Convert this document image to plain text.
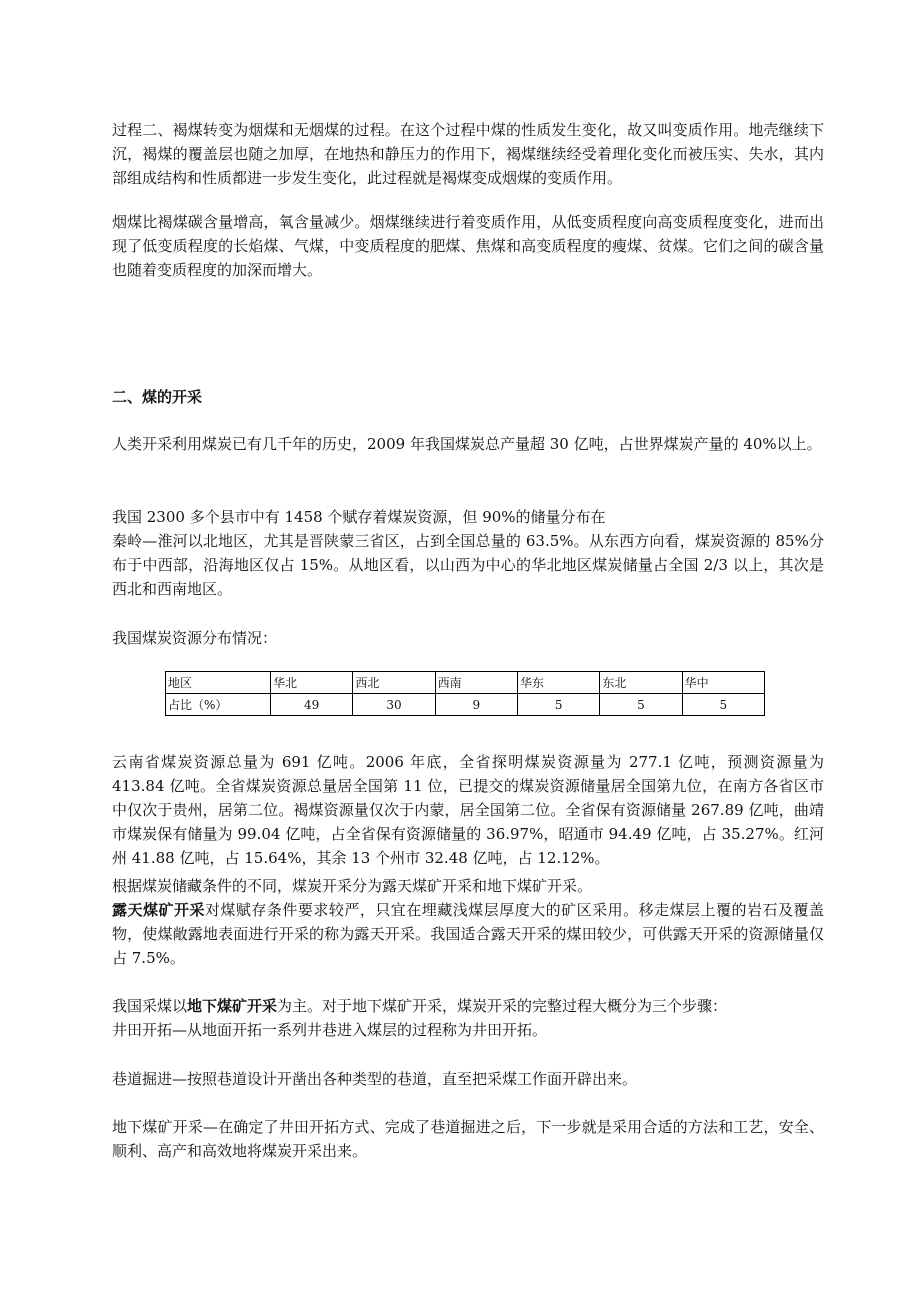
过程二、褐煤转变为烟煤和无烟煤的过程。在这个过程中煤的性质发生变化，故又叫变质作用。地壳继续下沉，褐煤的覆盖层也随之加厚，在地热和静压力的作用下，褐煤继续经受着理化变化而被压实、失水，其内部组成结构和性质都进一步发生变化，此过程就是褐煤变成烟煤的变质作用。

烟煤比褐煤碳含量增高，氧含量减少。烟煤继续进行着变质作用，从低变质程度向高变质程度变化，进而出现了低变质程度的长焰煤、气煤，中变质程度的肥煤、焦煤和高变质程度的瘦煤、贫煤。它们之间的碳含量也随着变质程度的加深而增大。

二、煤的开采

人类开采利用煤炭已有几千年的历史，2009 年我国煤炭总产量超 30 亿吨，占世界煤炭产量的 40%以上。

我国 2300 多个县市中有 1458 个赋存着煤炭资源，但 90%的储量分布在
秦岭—淮河以北地区，尤其是晋陕蒙三省区，占到全国总量的 63.5%。从东西方向看，煤炭资源的 85%分布于中西部，沿海地区仅占 15%。从地区看，以山西为中心的华北地区煤炭储量占全国 2/3 以上，其次是西北和西南地区。

我国煤炭资源分布情况：

地区	华北	西北	西南	华东	东北	华中
占比（%）	49	30	9	5	5	5

云南省煤炭资源总量为 691 亿吨。2006 年底，全省探明煤炭资源量为 277.1 亿吨，预测资源量为 413.84 亿吨。全省煤炭资源总量居全国第 11 位，已提交的煤炭资源储量居全国第九位，在南方各省区市中仅次于贵州，居第二位。褐煤资源量仅次于内蒙，居全国第二位。全省保有资源储量 267.89 亿吨，曲靖市煤炭保有储量为 99.04 亿吨，占全省保有资源储量的 36.97%，昭通市 94.49 亿吨，占 35.27%。红河州 41.88 亿吨，占 15.64%，其余 13 个州市 32.48 亿吨，占 12.12%。

根据煤炭储藏条件的不同，煤炭开采分为露天煤矿开采和地下煤矿开采。

露天煤矿开采对煤赋存条件要求较严，只宜在埋藏浅煤层厚度大的矿区采用。移走煤层上覆的岩石及覆盖物，使煤敞露地表面进行开采的称为露天开采。我国适合露天开采的煤田较少，可供露天开采的资源储量仅占 7.5%。

我国采煤以地下煤矿开采为主。对于地下煤矿开采，煤炭开采的完整过程大概分为三个步骤：
井田开拓—从地面开拓一系列井巷进入煤层的过程称为井田开拓。

巷道掘进—按照巷道设计开凿出各种类型的巷道，直至把采煤工作面开辟出来。

地下煤矿开采—在确定了井田开拓方式、完成了巷道掘进之后，下一步就是采用合适的方法和工艺，安全、顺利、高产和高效地将煤炭开采出来。
